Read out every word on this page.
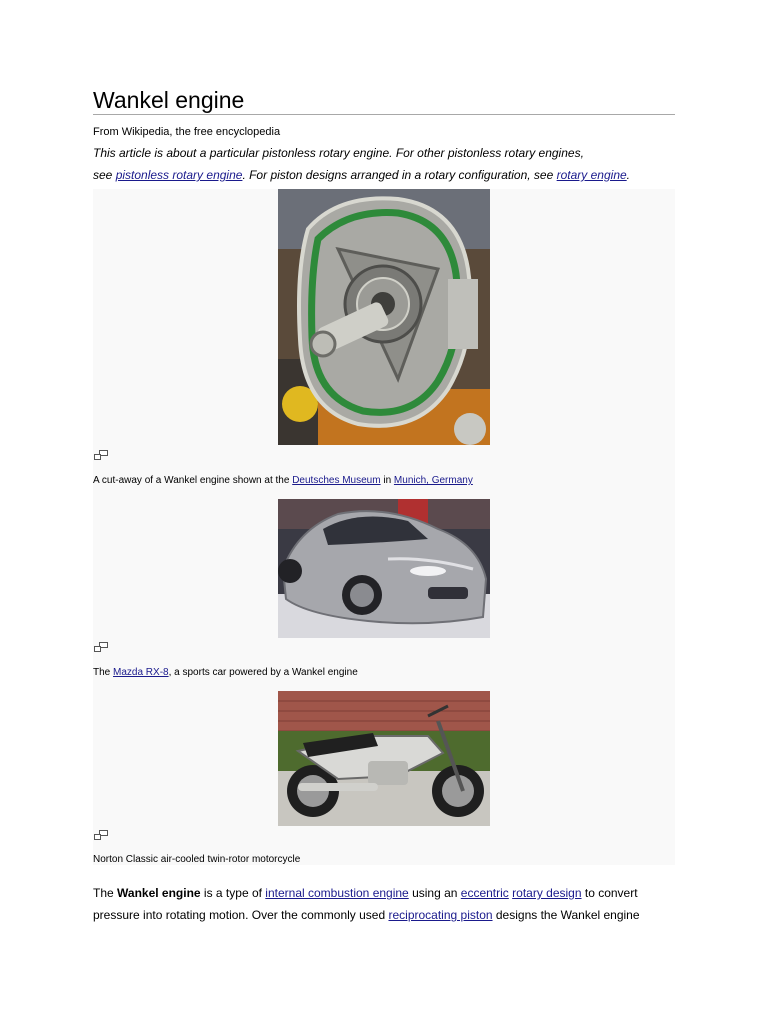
Wankel engine
From Wikipedia, the free encyclopedia
This article is about a particular pistonless rotary engine. For other pistonless rotary engines,
see pistonless rotary engine. For piston designs arranged in a rotary configuration, see rotary engine.
A cut-away of a Wankel engine shown at the Deutsches Museum in Munich, Germany
The Mazda RX-8, a sports car powered by a Wankel engine
Norton Classic air-cooled twin-rotor motorcycle
The Wankel engine is a type of internal combustion engine using an eccentric rotary design to convert
pressure into rotating motion. Over the commonly used reciprocating piston designs the Wankel engine
